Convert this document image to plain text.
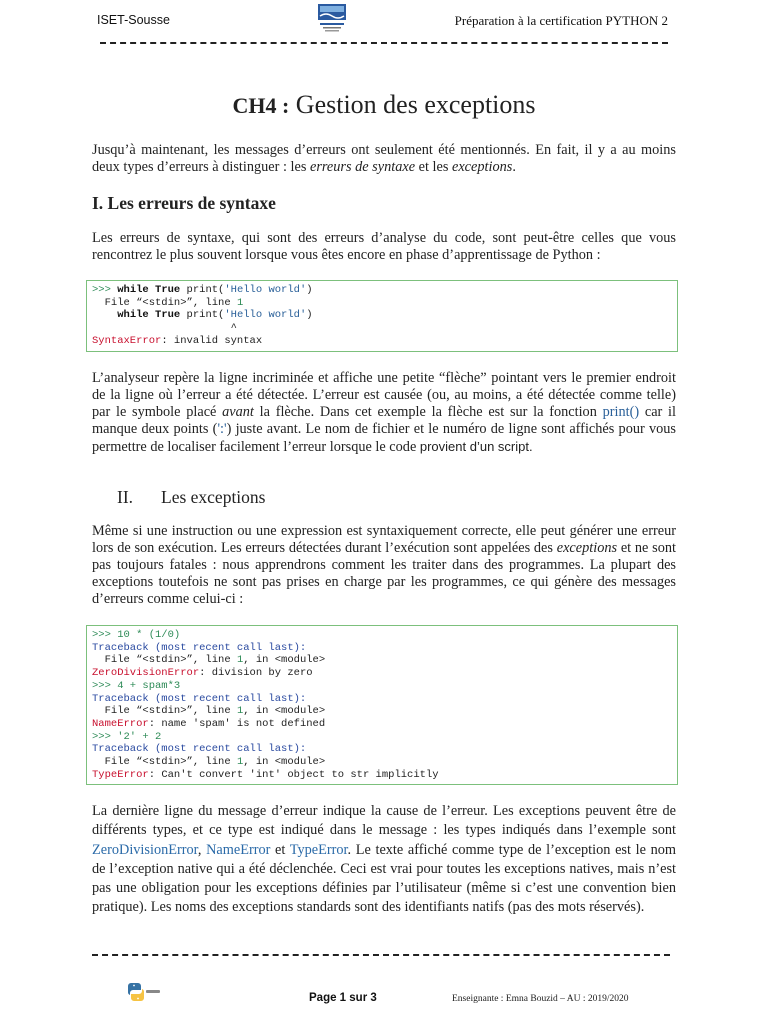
ISET-Sousse	Préparation à la certification PYTHON 2
CH4 : Gestion des exceptions

Jusqu’à maintenant, les messages d’erreurs ont seulement été mentionnés. En fait, il y a au moins deux types d’erreurs à distinguer : les erreurs de syntaxe et les exceptions.

I. Les erreurs de syntaxe

Les erreurs de syntaxe, qui sont des erreurs d’analyse du code, sont peut-être celles que vous rencontrez le plus souvent lorsque vous êtes encore en phase d’apprentissage de Python :

>>> while True print('Hello world')
File “<stdin>”, line 1
while True print('Hello world')
^
SyntaxError: invalid syntax

L’analyseur repère la ligne incriminée et affiche une petite “flèche” pointant vers le premier endroit de la ligne où l’erreur a été détectée. L’erreur est causée (ou, au moins, a été détectée comme telle) par le symbole placé avant la flèche. Dans cet exemple la flèche est sur la fonction print() car il manque deux points (':') juste avant. Le nom de fichier et le numéro de ligne sont affichés pour vous permettre de localiser facilement l’erreur lorsque le code provient d’un script.

II. Les exceptions

Même si une instruction ou une expression est syntaxiquement correcte, elle peut générer une erreur lors de son exécution. Les erreurs détectées durant l’exécution sont appelées des exceptions et ne sont pas toujours fatales : nous apprendrons comment les traiter dans des programmes. La plupart des exceptions toutefois ne sont pas prises en charge par les programmes, ce qui génère des messages d’erreurs comme celui-ci :

>>> 10 * (1/0)
Traceback (most recent call last):
File “<stdin>”, line 1, in <module>
ZeroDivisionError: division by zero
>>> 4 + spam*3
Traceback (most recent call last):
File “<stdin>”, line 1, in <module>
NameError: name 'spam' is not defined
>>> '2' + 2
Traceback (most recent call last):
File “<stdin>”, line 1, in <module>
TypeError: Can't convert 'int' object to str implicitly

La dernière ligne du message d’erreur indique la cause de l’erreur. Les exceptions peuvent être de différents types, et ce type est indiqué dans le message : les types indiqués dans l’exemple sont ZeroDivisionError, NameError et TypeError. Le texte affiché comme type de l’exception est le nom de l’exception native qui a été déclenchée. Ceci est vrai pour toutes les exceptions natives, mais n’est pas une obligation pour les exceptions définies par l’utilisateur (même si c’est une convention bien pratique). Les noms des exceptions standards sont des identifiants natifs (pas des mots réservés).

Page 1 sur 3	Enseignante : Emna Bouzid – AU : 2019/2020
